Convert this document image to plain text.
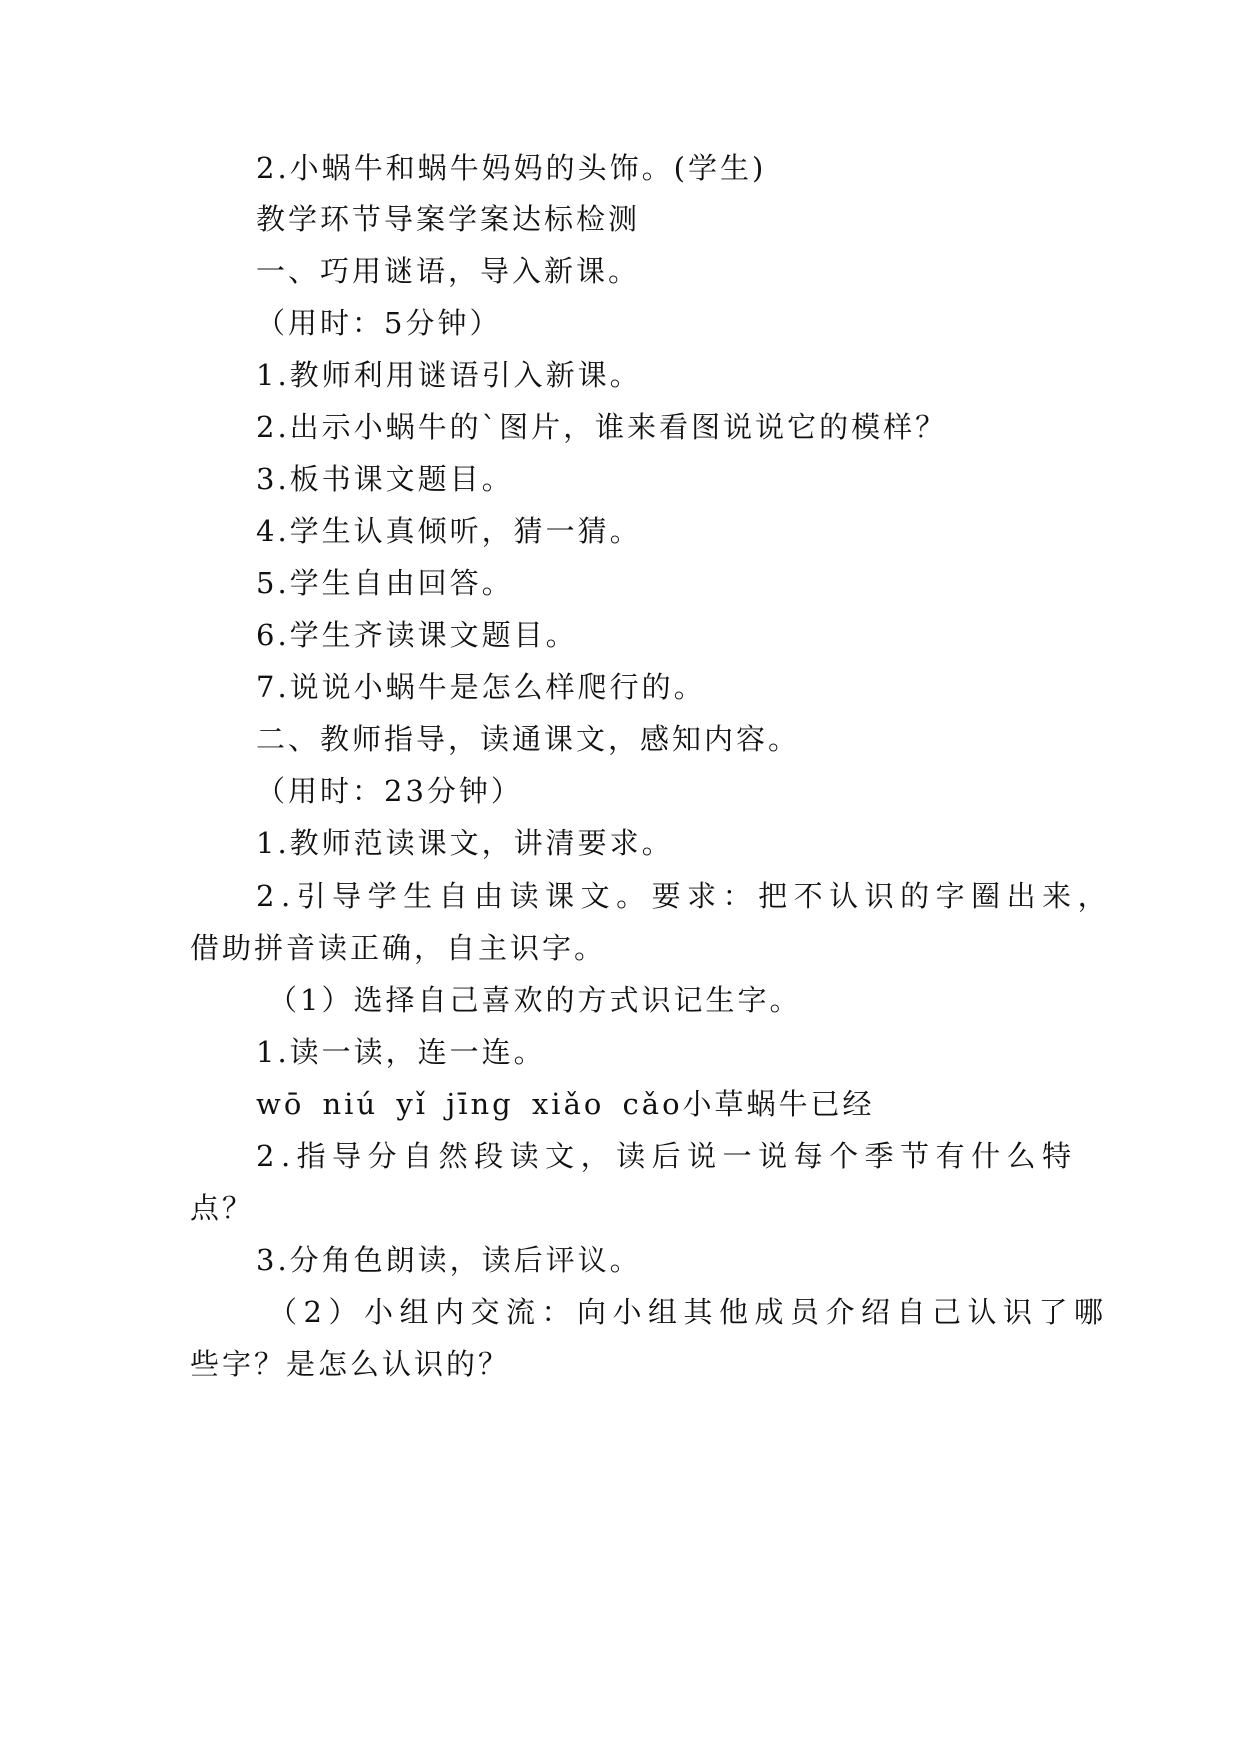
2.小蜗牛和蜗牛妈妈的头饰。(学生)
教学环节导案学案达标检测
一、巧用谜语，导入新课。
（用时：5分钟）
1.教师利用谜语引入新课。
2.出示小蜗牛的`图片，谁来看图说说它的模样？
3.板书课文题目。
4.学生认真倾听，猜一猜。
5.学生自由回答。
6.学生齐读课文题目。
7.说说小蜗牛是怎么样爬行的。
二、教师指导，读通课文，感知内容。
（用时：23分钟）
1.教师范读课文，讲清要求。
2.引导学生自由读课文。要求：把不认识的字圈出来，
借助拼音读正确，自主识字。
（1）选择自己喜欢的方式识记生字。
1.读一读，连一连。
wō niú yǐ jīng xiǎo cǎo小草蜗牛已经
2.指导分自然段读文，读后说一说每个季节有什么特
点？
3.分角色朗读，读后评议。
（2）小组内交流：向小组其他成员介绍自己认识了哪
些字？是怎么认识的？
